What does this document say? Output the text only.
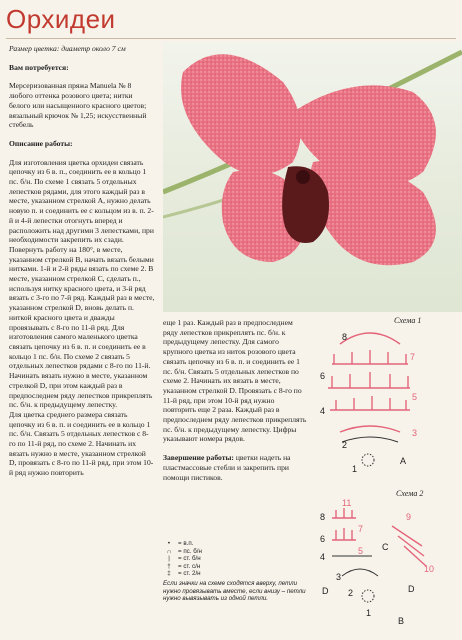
Орхидеи

Размер цветка: диаметр около 7 см

Вам потребуется:

Мерсеризованная пряжа Manuela № 8 любого оттенка розового цвета; нитки белого или насыщенного красного цветов; вязальный крючок № 1,25; искусственный стебель

Описание работы:

Для изготовления цветка орхидеи связать цепочку из 6 в. п., соединить ее в кольцо 1 пс. б/н. По схеме 1 связать 5 отдельных лепестков рядами, для этого каждый раз в месте, указанном стрелкой А, нужно делать новую п. и соединить ее с кольцом из в. п. 2-й и 4-й лепестки отогнуть вперед и расположить над другими 3 лепестками, при необходимости закрепить их сзади. Повернуть работу на 180°, в месте, указанном стрелкой В, начать вязать белыми нитками. 1-й и 2-й ряды вязать по схеме 2. В месте, указанном стрелкой С, сделать п., используя нитку красного цвета, и 3-й ряд вязать с 3-го по 7-й ряд. Каждый раз в месте, указанном стрелкой D, вновь делать п. ниткой красного цвета и дважды провязывать с 8-го по 11-й ряд. Для изготовления самого маленького цветка связать цепочку из 6 в. п. и соединить ее в кольцо 1 пс. б/н. По схеме 2 связать 5 отдельных лепестков рядами с 8-го по 11-й. Начинать вязать нужно в месте, указанном стрелкой D, при этом каждый раз в предпоследнем ряду лепестков прикреплять пс. б/н. к предыдущему лепестку.

Для цветка среднего размера связать цепочку из 6 в. п. и соединить ее в кольцо 1 пс. б/н. Связать 5 отдельных лепестков с 8-го по 11-й ряд, по схеме 2. Начинать их вязать нужно в месте, указанном стрелкой D, провязать с 8-го по 11-й ряд, при этом 10-й ряд нужно повторить

еще 1 раз. Каждый раз в предпоследнем ряду лепестков прикреплять пс. б/н. к предыдущему лепестку. Для самого крупного цветка из ниток розового цвета связать цепочку из 6 в. п. и соединить ее 1 пс. б/н. Связать 5 отдельных лепестков по схеме 2. Начинать их вязать в месте, указанном стрелкой D. Провязать с 8-го по 11-й ряд, при этом 10-й ряд нужно повторить еще 2 раза. Каждый раз в предпоследнем ряду лепестков прикреплять пс. б/н. к предыдущему лепестку. Цифры указывают номера рядов.

Завершение работы: цветки надеть на пластмассовые стебли и закрепить при помощи пистиков.

•	= в.п.
∩	= пс. б/н
|	= ст. б/н
†	= ст. с/н
‡	= ст. 2/н
Если значки на схеме сходятся вверху, петли нужно провязывать вместе, если внизу – петли нужно вывязывать из одной петли.
Схема 1
8
7
6
5
4
3
2
1
A
Схема 2
11
10
9
8
7
6
5
4
3
2
1
C
D	D
B
